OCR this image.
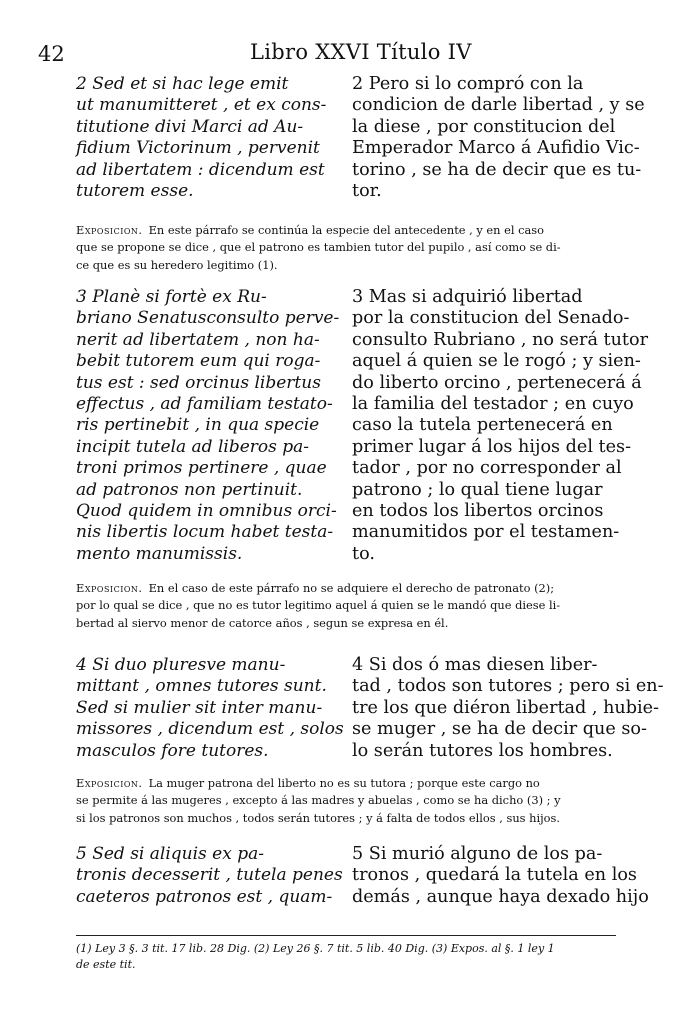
42	Libro XXVI Título IV
2 Sed et si hac lege emit
ut manumitteret , et ex cons-
titutione divi Marci ad Au-
fidium Victorinum , pervenit
ad libertatem : dicendum est
tutorem esse.
2 Pero si lo compró con la
condicion de darle libertad , y se
la diese , por constitucion del
Emperador Marco á Aufidio Vic-
torino , se ha de decir que es tu-
tor.
Exposicion. En este párrafo se continúa la especie del antecedente , y en el caso
que se propone se dice , que el patrono es tambien tutor del pupilo , así como se di-
ce que es su heredero legitimo (1).
3 Planè si fortè ex Ru-
briano Senatusconsulto perve-
nerit ad libertatem , non ha-
bebit tutorem eum qui roga-
tus est : sed orcinus libertus
effectus , ad familiam testato-
ris pertinebit , in qua specie
incipit tutela ad liberos pa-
troni primos pertinere , quae
ad patronos non pertinuit.
Quod quidem in omnibus orci-
nis libertis locum habet testa-
mento manumissis.
3 Mas si adquirió libertad
por la constitucion del Senado-
consulto Rubriano , no será tutor
aquel á quien se le rogó ; y sien-
do liberto orcino , pertenecerá á
la familia del testador ; en cuyo
caso la tutela pertenecerá en
primer lugar á los hijos del tes-
tador , por no corresponder al
patrono ; lo qual tiene lugar
en todos los libertos orcinos
manumitidos por el testamen-
to.
Exposicion. En el caso de este párrafo no se adquiere el derecho de patronato (2);
por lo qual se dice , que no es tutor legitimo aquel á quien se le mandó que diese li-
bertad al siervo menor de catorce años , segun se expresa en él.
4 Si duo pluresve manu-
mittant , omnes tutores sunt.
Sed si mulier sit inter manu-
missores , dicendum est , solos
masculos fore tutores.
4 Si dos ó mas diesen liber-
tad , todos son tutores ; pero si en-
tre los que diéron libertad , hubie-
se muger , se ha de decir que so-
lo serán tutores los hombres.
Exposicion. La muger patrona del liberto no es su tutora ; porque este cargo no
se permite á las mugeres , excepto á las madres y abuelas , como se ha dicho (3) ; y
si los patronos son muchos , todos serán tutores ; y á falta de todos ellos , sus hijos.
5 Sed si aliquis ex pa-
tronis decesserit , tutela penes
caeteros patronos est , quam-
5 Si murió alguno de los pa-
tronos , quedará la tutela en los
demás , aunque haya dexado hijo
(1) Ley 3 §. 3 tit. 17 lib. 28 Dig. (2) Ley 26 §. 7 tit. 5 lib. 40 Dig. (3) Expos. al §. 1 ley 1
de este tit.
